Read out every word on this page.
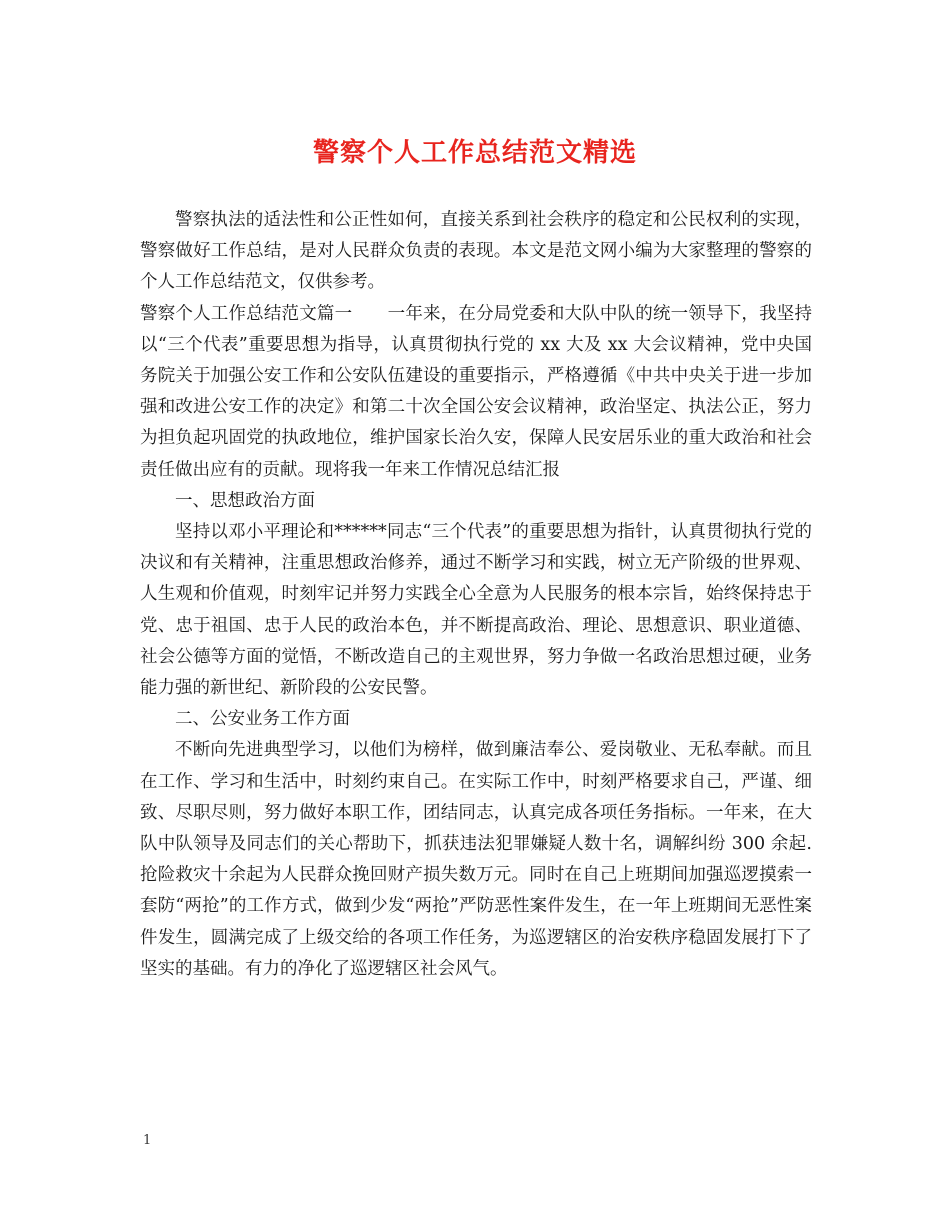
警察个人工作总结范文精选

警察执法的适法性和公正性如何，直接关系到社会秩序的稳定和公民权利的实现，警察做好工作总结，是对人民群众负责的表现。本文是范文网小编为大家整理的警察的个人工作总结范文，仅供参考。

警察个人工作总结范文篇一　　一年来，在分局党委和大队中队的统一领导下，我坚持以“三个代表”重要思想为指导，认真贯彻执行党的 xx 大及 xx 大会议精神，党中央国务院关于加强公安工作和公安队伍建设的重要指示，严格遵循《中共中央关于进一步加强和改进公安工作的决定》和第二十次全国公安会议精神，政治坚定、执法公正，努力为担负起巩固党的执政地位，维护国家长治久安，保障人民安居乐业的重大政治和社会责任做出应有的贡献。现将我一年来工作情况总结汇报

一、思想政治方面

坚持以邓小平理论和******同志“三个代表”的重要思想为指针，认真贯彻执行党的决议和有关精神，注重思想政治修养，通过不断学习和实践，树立无产阶级的世界观、人生观和价值观，时刻牢记并努力实践全心全意为人民服务的根本宗旨，始终保持忠于党、忠于祖国、忠于人民的政治本色，并不断提高政治、理论、思想意识、职业道德、社会公德等方面的觉悟，不断改造自己的主观世界，努力争做一名政治思想过硬，业务能力强的新世纪、新阶段的公安民警。

二、公安业务工作方面

不断向先进典型学习，以他们为榜样，做到廉洁奉公、爱岗敬业、无私奉献。而且在工作、学习和生活中，时刻约束自己。在实际工作中，时刻严格要求自己，严谨、细致、尽职尽则，努力做好本职工作，团结同志，认真完成各项任务指标。一年来，在大队中队领导及同志们的关心帮助下，抓获违法犯罪嫌疑人数十名，调解纠纷 300 余起.抢险救灾十余起为人民群众挽回财产损失数万元。同时在自己上班期间加强巡逻摸索一套防“两抢”的工作方式，做到少发“两抢”严防恶性案件发生，在一年上班期间无恶性案件发生，圆满完成了上级交给的各项工作任务，为巡逻辖区的治安秩序稳固发展打下了坚实的基础。有力的净化了巡逻辖区社会风气。

1
